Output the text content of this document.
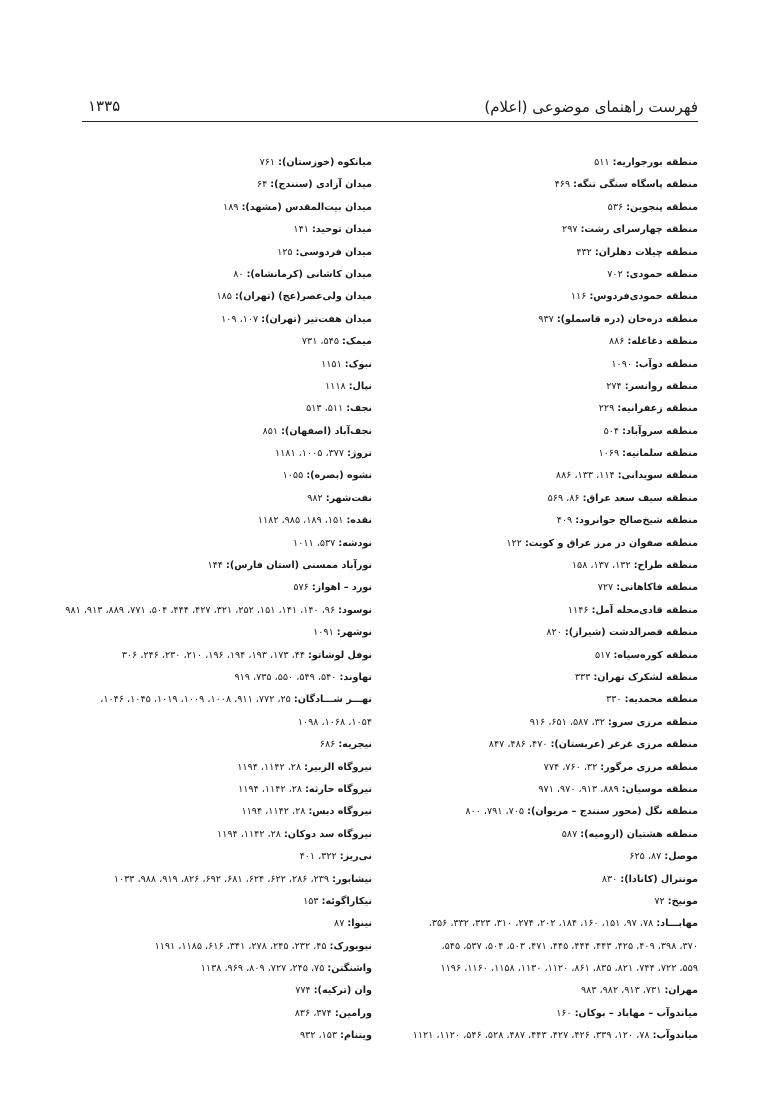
فهرست راهنمای موضوعی (اعلام)
۱۳۳۵
منطقه بورجواریه: ۵۱۱
منطقه پاسگاه سنگی تنگه: ۴۶۹
منطقه پنجوین: ۵۳۶
منطقه چهارسرای رشت: ۲۹۷
منطقه چیلات دهلران: ۴۳۲
منطقه حمودی: ۷۰۲
منطقه حمودی‌فردوس: ۱۱۶
منطقه دره‌خان (دره قاسملو): ۹۳۷
منطقه دغاغله: ۸۸۶
منطقه دوآب: ۱۰۹۰
منطقه روانسر: ۲۷۴
منطقه زعفرانیه: ۲۲۹
منطقه سروآباد: ۵۰۴
منطقه سلمانیه: ۱۰۶۹
منطقه سویدانی: ۱۱۴، ۱۳۳، ۸۸۶
منطقه سیف سعد عراق: ۸۶، ۵۶۹
منطقه شیخ‌صالح جوانرود: ۴۰۹
منطقه صفوان در مرز عراق و کویت: ۱۲۲
منطقه طراح: ۱۳۲، ۱۳۷، ۱۵۸
منطقه فاکاهانی: ۷۲۷
منطقه قادی‌محله آمل: ۱۱۴۶
منطقه قصرالدشت (شیراز): ۸۲۰
منطقه کوره‌سیاه: ۵۱۷
منطقه لشکرک تهران: ۳۳۳
منطقه محمدیه: ۳۳۰
منطقه مرزی سرو: ۳۲، ۵۸۷، ۶۵۱، ۹۱۶
منطقه مرزی غرغر (عربستان): ۴۷۰، ۴۸۶، ۸۴۷
منطقه مرزی مرگور: ۳۲، ۷۶۰، ۷۷۴
منطقه موسیان: ۸۸۹، ۹۱۳، ۹۷۰، ۹۷۱
منطقه نگل (محور سنندج – مریوان): ۷۰۵، ۷۹۱، ۸۰۰
منطقه هشتیان (ارومیه): ۵۸۷
موصل: ۸۷، ۶۲۵
مونترال (کانادا): ۸۳۰
مونیخ: ۷۲
مهابـــاد: ۷۸، ۹۷، ۱۵۱، ۱۶۰، ۱۸۴، ۲۰۲، ۲۷۴، ۳۱۰، ۳۲۳، ۳۳۲، ۳۵۶،
۳۷۰، ۳۹۸، ۴۰۹، ۴۲۵، ۴۴۳، ۴۴۴، ۴۴۵، ۴۷۱، ۵۰۳، ۵۰۴، ۵۳۷، ۵۴۵،
۵۵۹، ۷۲۲، ۷۴۴، ۸۲۱، ۸۳۵، ۸۶۱، ۱۱۲۰، ۱۱۳۰، ۱۱۵۸، ۱۱۶۰، ۱۱۹۶
مهران: ۷۳۱، ۹۱۳، ۹۸۲، ۹۸۳
میاندوآب – مهاباد – بوکان: ۱۶۰
میاندوآب: ۷۸، ۱۲۰، ۳۳۹، ۴۲۶، ۴۲۷، ۴۴۳، ۴۸۷، ۵۲۸، ۵۴۶، ۱۱۲۰، ۱۱۲۱
میانکوه (خوزستان): ۷۶۱
میدان آزادی (سنندج): ۶۴
میدان بیت‌المقدس (مشهد): ۱۸۹
میدان توحید: ۱۴۱
میدان فردوسی: ۱۲۵
میدان کاشانی (کرمانشاه): ۸۰
میدان ولی‌عصر(عج) (تهران): ۱۸۵
میدان هفت‌تیر (تهران): ۱۰۷، ۱۰۹
میمک: ۵۴۵، ۷۳۱
نبوک: ۱۱۵۱
نپال: ۱۱۱۸
نجف: ۵۱۱، ۵۱۳
نجف‌آباد (اصفهان): ۸۵۱
نروژ: ۳۷۷، ۱۰۰۵، ۱۱۸۱
نشوه (بصره): ۱۰۵۵
نفت‌شهر: ۹۸۲
نقده: ۱۵۱، ۱۸۹، ۹۸۵، ۱۱۸۲
نودشه: ۵۳۷، ۱۰۱۱
نورآباد ممسنی (استان فارس): ۱۴۴
نورد – اهواز: ۵۷۶
نوسود: ۹۶، ۱۴۰، ۱۴۱، ۱۵۱، ۲۵۲، ۳۲۱، ۴۲۷، ۴۴۴، ۵۰۴، ۷۷۱، ۸۸۹، ۹۱۳، ۹۸۱
نوشهر: ۱۰۹۱
نوفل لوشاتو: ۴۴، ۱۷۳، ۱۹۳، ۱۹۴، ۱۹۶، ۲۱۰، ۲۳۰، ۲۴۶، ۳۰۶
نهاوند: ۵۴۰، ۵۴۹، ۵۵۰، ۷۳۵، ۹۱۹
نهـــر شـــادگان: ۲۵، ۷۷۲، ۹۱۱، ۱۰۰۸، ۱۰۰۹، ۱۰۱۹، ۱۰۴۵، ۱۰۴۶،
۱۰۵۴، ۱۰۶۸، ۱۰۹۸
نیجریه: ۶۸۶
نیروگاه الزبیر: ۲۸، ۱۱۴۲، ۱۱۹۴
نیروگاه حارثه: ۲۸، ۱۱۴۲، ۱۱۹۴
نیروگاه دبس: ۲۸، ۱۱۴۲، ۱۱۹۴
نیروگاه سد دوکان: ۲۸، ۱۱۴۲، ۱۱۹۴
نی‌ریز: ۳۲۲، ۴۰۱
نیشابور: ۲۳۹، ۲۸۶، ۶۲۲، ۶۲۴، ۶۸۱، ۶۹۲، ۸۲۶، ۹۱۹، ۹۸۸، ۱۰۳۳
نیکاراگوئه: ۱۵۳
نینوا: ۸۷
نیویورک: ۴۵، ۲۳۲، ۲۴۵، ۲۷۸، ۳۴۱، ۶۱۶، ۱۱۸۵، ۱۱۹۱
واشنگتن: ۷۵، ۲۴۵، ۷۲۷، ۸۰۹، ۹۶۹، ۱۱۳۸
وان (ترکیه): ۷۷۴
ورامین: ۳۷۴، ۸۳۶
ویتنام: ۱۵۳، ۹۳۲
